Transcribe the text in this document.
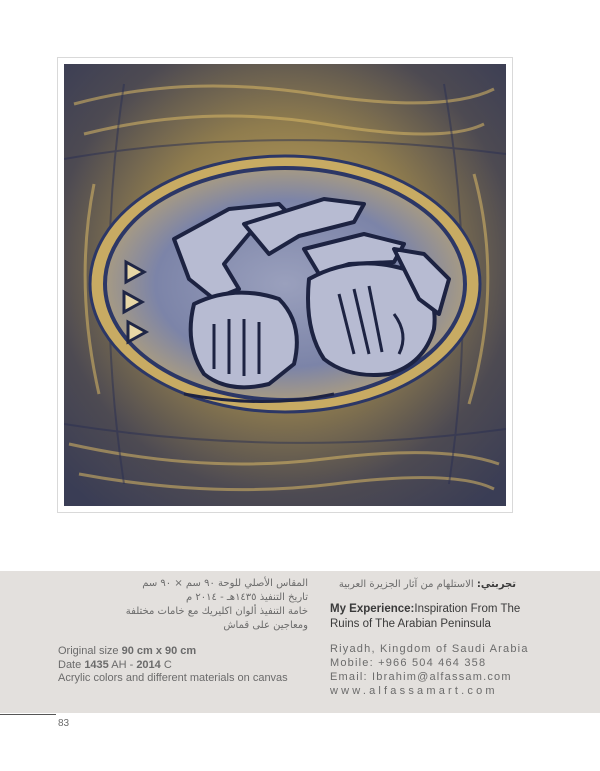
المقاس الأصلي للوحة ٩٠ سم × ٩٠ سم
تاريخ التنفيذ ١٤٣٥هـ - ٢٠١٤ م
خامة التنفيذ ألوان اكليريك مع خامات مختلفة
ومعاجين على قماش
Original size 90 cm x 90 cm
Date 1435 AH - 2014 C
Acrylic colors and different materials on canvas
تجربتي: الاستلهام من آثار الجزيرة العربية
My Experience:Inspiration From The
Ruins of The Arabian Peninsula
Riyadh, Kingdom of Saudi Arabia
Mobile: +966 504 464 358
Email: Ibrahim@alfassam.com
www.alfassamart.com
83
